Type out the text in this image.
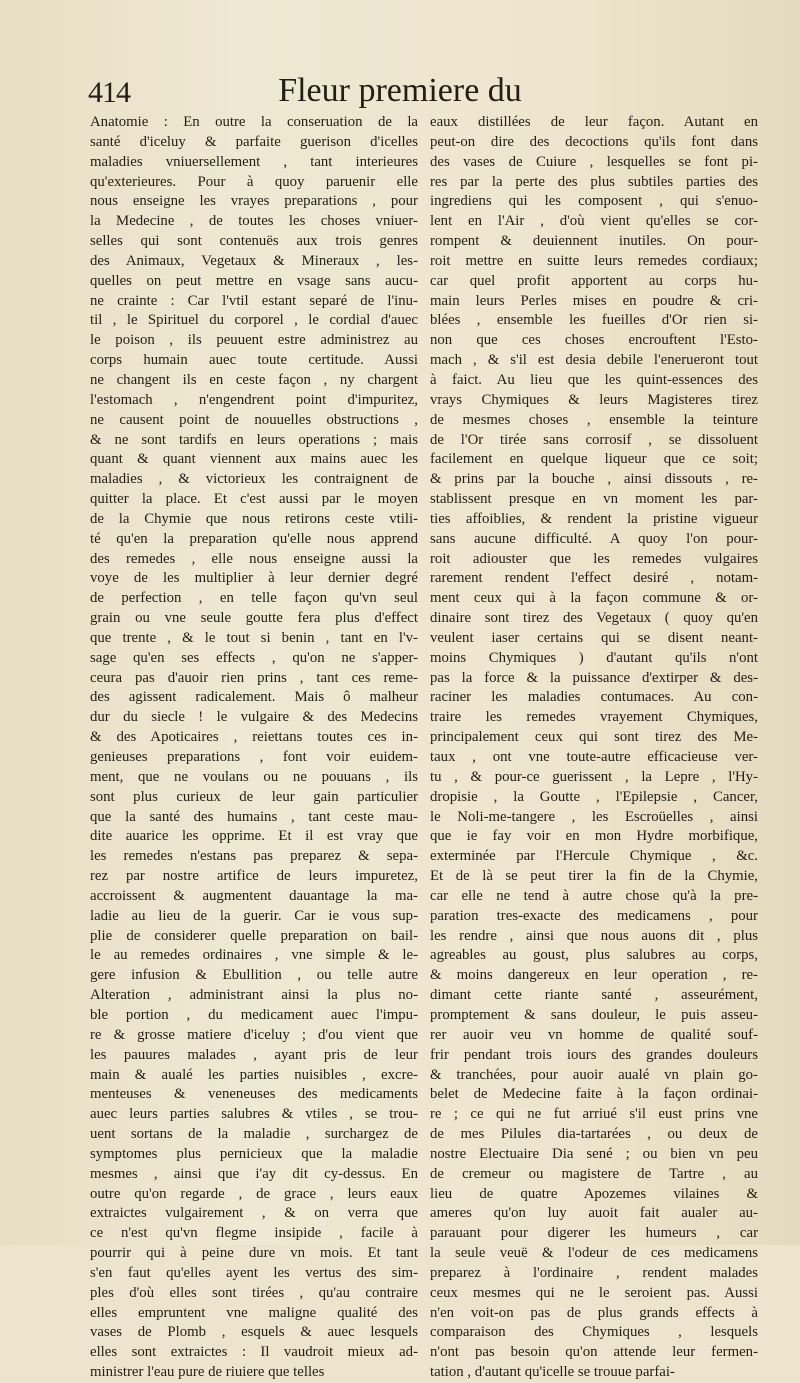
414	Fleur premiere du
Anatomie : En outre la conseruation de la
santé d'iceluy & parfaite guerison d'icelles
maladies vniuersellement , tant interieures
qu'exterieures. Pour à quoy paruenir elle
nous enseigne les vrayes preparations , pour
la Medecine , de toutes les choses vniuer-
selles qui sont contenuës aux trois genres
des Animaux, Vegetaux & Mineraux , les-
quelles on peut mettre en vsage sans aucu-
ne crainte : Car l'vtil estant separé de l'inu-
til , le Spirituel du corporel , le cordial d'auec
le poison , ils peuuent estre administrez au
corps humain auec toute certitude. Aussi
ne changent ils en ceste façon , ny chargent
l'estomach , n'engendrent point d'impuritez,
ne causent point de nouuelles obstructions ,
& ne sont tardifs en leurs operations ; mais
quant & quant viennent aux mains auec les
maladies , & victorieux les contraignent de
quitter la place. Et c'est aussi par le moyen
de la Chymie que nous retirons ceste vtili-
té qu'en la preparation qu'elle nous apprend
des remedes , elle nous enseigne aussi la
voye de les multiplier à leur dernier degré
de perfection , en telle façon qu'vn seul
grain ou vne seule goutte fera plus d'effect
que trente , & le tout si benin , tant en l'v-
sage qu'en ses effects , qu'on ne s'apper-
ceura pas d'auoir rien prins , tant ces reme-
des agissent radicalement. Mais ô malheur
dur du siecle ! le vulgaire & des Medecins
& des Apoticaires , reiettans toutes ces in-
genieuses preparations , font voir euidem-
ment, que ne voulans ou ne pouuans , ils
sont plus curieux de leur gain particulier
que la santé des humains , tant ceste mau-
dite auarice les opprime. Et il est vray que
les remedes n'estans pas preparez & sepa-
rez par nostre artifice de leurs impuretez,
accroissent & augmentent dauantage la ma-
ladie au lieu de la guerir. Car ie vous sup-
plie de considerer quelle preparation on bail-
le au remedes ordinaires , vne simple & le-
gere infusion & Ebullition , ou telle autre
Alteration , administrant ainsi la plus no-
ble portion , du medicament auec l'impu-
re & grosse matiere d'iceluy ; d'ou vient que
les pauures malades , ayant pris de leur
main & aualé les parties nuisibles , excre-
menteuses & veneneuses des medicaments
auec leurs parties salubres & vtiles , se trou-
uent sortans de la maladie , surchargez de
symptomes plus pernicieux que la maladie
mesmes , ainsi que i'ay dit cy-dessus. En
outre qu'on regarde , de grace , leurs eaux
extraictes vulgairement , & on verra que
ce n'est qu'vn flegme insipide , facile à
pourrir qui à peine dure vn mois. Et tant
s'en faut qu'elles ayent les vertus des sim-
ples d'où elles sont tirées , qu'au contraire
elles empruntent vne maligne qualité des
vases de Plomb , esquels & auec lesquels
elles sont extraictes : Il vaudroit mieux ad-
ministrer l'eau pure de riuiere que telles
eaux distillées de leur façon. Autant en
peut-on dire des decoctions qu'ils font dans
des vases de Cuiure , lesquelles se font pi-
res par la perte des plus subtiles parties des
ingrediens qui les composent , qui s'enuo-
lent en l'Air , d'où vient qu'elles se cor-
rompent & deuiennent inutiles. On pour-
roit mettre en suitte leurs remedes cordiaux;
car quel profit apportent au corps hu-
main leurs Perles mises en poudre & cri-
blées , ensemble les fueilles d'Or rien si-
non que ces choses encrouftent l'Esto-
mach , & s'il est desia debile l'enerueront tout
à faict. Au lieu que les quint-essences des
vrays Chymiques & leurs Magisteres tirez
de mesmes choses , ensemble la teinture
de l'Or tirée sans corrosif , se dissoluent
facilement en quelque liqueur que ce soit;
& prins par la bouche , ainsi dissouts , re-
stablissent presque en vn moment les par-
ties affoiblies, & rendent la pristine vigueur
sans aucune difficulté. A quoy l'on pour-
roit adiouster que les remedes vulgaires
rarement rendent l'effect desiré , notam-
ment ceux qui à la façon commune & or-
dinaire sont tirez des Vegetaux ( quoy qu'en
veulent iaser certains qui se disent neant-
moins Chymiques ) d'autant qu'ils n'ont
pas la force & la puissance d'extirper & des-
raciner les maladies contumaces. Au con-
traire les remedes vrayement Chymiques,
principalement ceux qui sont tirez des Me-
taux , ont vne toute-autre efficacieuse ver-
tu , & pour-ce guerissent , la Lepre , l'Hy-
dropisie , la Goutte , l'Epilepsie , Cancer,
le Noli-me-tangere , les Escroüelles , ainsi
que ie fay voir en mon Hydre morbifique,
exterminée par l'Hercule Chymique , &c.
Et de là se peut tirer la fin de la Chymie,
car elle ne tend à autre chose qu'à la pre-
paration tres-exacte des medicamens , pour
les rendre , ainsi que nous auons dit , plus
agreables au goust, plus salubres au corps,
& moins dangereux en leur operation , re-
dimant cette riante santé , asseurément,
promptement & sans douleur, le puis asseu-
rer auoir veu vn homme de qualité souf-
frir pendant trois iours des grandes douleurs
& tranchées, pour auoir aualé vn plain go-
belet de Medecine faite à la façon ordinai-
re ; ce qui ne fut arriué s'il eust prins vne
de mes Pilules dia-tartarées , ou deux de
nostre Electuaire Dia sené ; ou bien vn peu
de cremeur ou magistere de Tartre , au
lieu de quatre Apozemes vilaines &
ameres qu'on luy auoit fait aualer au-
parauant pour digerer les humeurs , car
la seule veuë & l'odeur de ces medicamens
preparez à l'ordinaire , rendent malades
ceux mesmes qui ne le seroient pas. Aussi
n'en voit-on pas de plus grands effects à
comparaison des Chymiques , lesquels
n'ont pas besoin qu'on attende leur fermen-
tation , d'autant qu'icelle se trouue parfai-
